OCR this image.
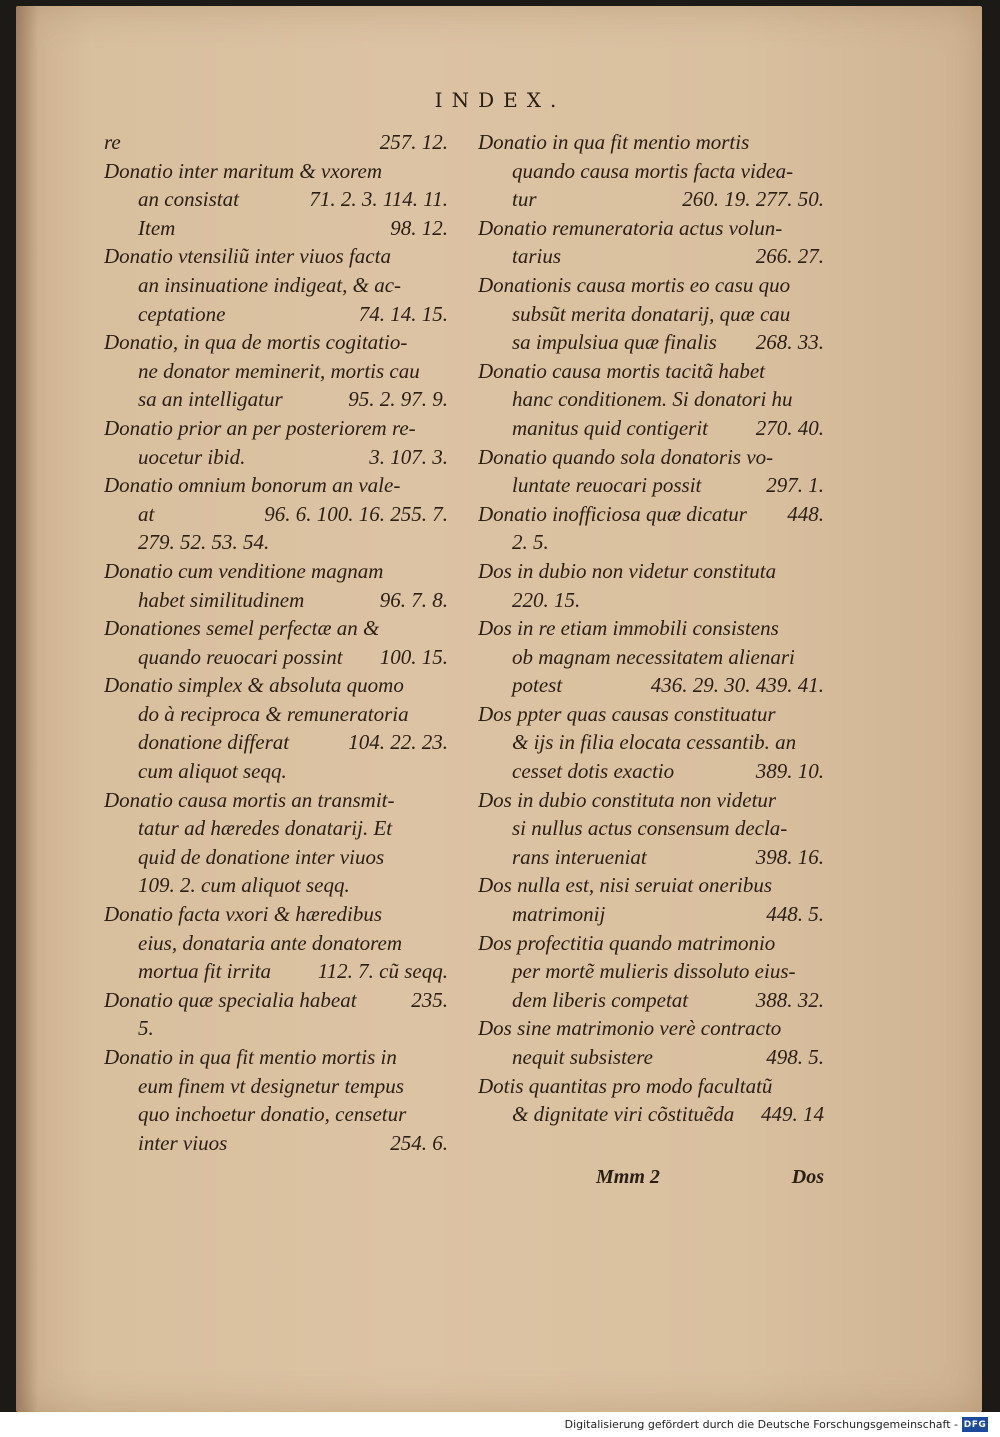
INDEX.
re	257. 12.
Donatio inter maritum & vxorem
an consistat	71. 2. 3. 114. 11.
Item	98. 12.
Donatio vtensiliũ inter viuos facta
an insinuatione indigeat, & ac-
ceptatione	74. 14. 15.
Donatio, in qua de mortis cogitatio-
ne donator meminerit, mortis cau
sa an intelligatur	95. 2. 97. 9.
Donatio prior an per posteriorem re-
uocetur ibid.	3. 107. 3.
Donatio omnium bonorum an vale-
at	96. 6. 100. 16. 255. 7.
279. 52. 53. 54.
Donatio cum venditione magnam
habet similitudinem	96. 7. 8.
Donationes semel perfectæ an &
quando reuocari possint	100. 15.
Donatio simplex & absoluta quomo
do à reciproca & remuneratoria
donatione differat	104. 22. 23.
cum aliquot seqq.
Donatio causa mortis an transmit-
tatur ad hæredes donatarij. Et
quid de donatione inter viuos
109. 2. cum aliquot seqq.
Donatio facta vxori & hæredibus
eius, donataria ante donatorem
mortua fit irrita	112. 7. cũ seqq.
Donatio quæ specialia habeat	235.
5.
Donatio in qua fit mentio mortis in
eum finem vt designetur tempus
quo inchoetur donatio, censetur
inter viuos	254. 6.
Donatio in qua fit mentio mortis
quando causa mortis facta videa-
tur	260. 19. 277. 50.
Donatio remuneratoria actus volun-
tarius	266. 27.
Donationis causa mortis eo casu quo
subsũt merita donatarij, quæ cau
sa impulsiua quæ finalis	268. 33.
Donatio causa mortis tacitã habet
hanc conditionem. Si donatori hu
manitus quid contigerit	270. 40.
Donatio quando sola donatoris vo-
luntate reuocari possit	297. 1.
Donatio inofficiosa quæ dicatur	448.
2. 5.
Dos in dubio non videtur constituta
220. 15.
Dos in re etiam immobili consistens
ob magnam necessitatem alienari
potest	436. 29. 30. 439. 41.
Dos ppter quas causas constituatur
& ijs in filia elocata cessantib. an
cesset dotis exactio	389. 10.
Dos in dubio constituta non videtur
si nullus actus consensum decla-
rans interueniat	398. 16.
Dos nulla est, nisi seruiat oneribus
matrimonij	448. 5.
Dos profectitia quando matrimonio
per mortẽ mulieris dissoluto eius-
dem liberis competat	388. 32.
Dos sine matrimonio verè contracto
nequit subsistere	498. 5.
Dotis quantitas pro modo facultatũ
& dignitate viri cõstituẽda	449. 14
Mmm 2	Dos
Digitalisierung gefördert durch die Deutsche Forschungsgemeinschaft - DFG
